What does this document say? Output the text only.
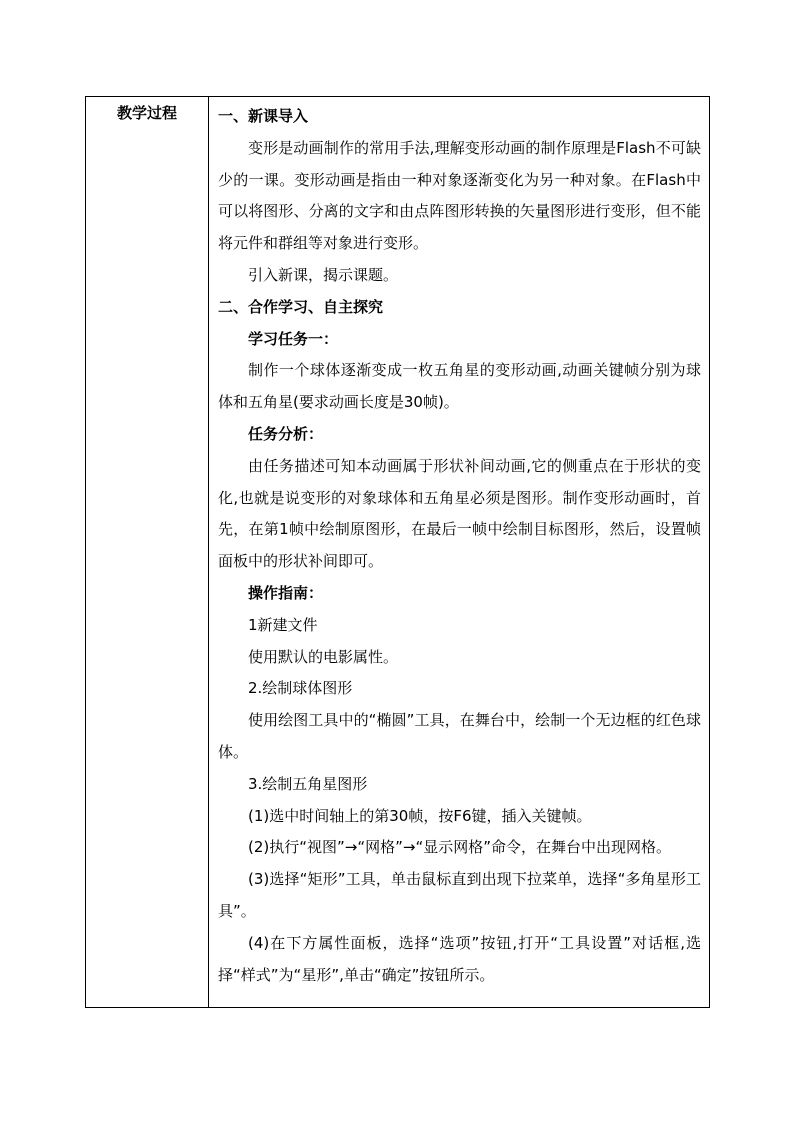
教学过程	一、新课导入

变形是动画制作的常用手法,理解变形动画的制作原理是Flash不可缺少的一课。变形动画是指由一种对象逐渐变化为另一种对象。在Flash中可以将图形、分离的文字和由点阵图形转换的矢量图形进行变形，但不能将元件和群组等对象进行变形。

引入新课，揭示课题。

二、合作学习、自主探究

学习任务一：

制作一个球体逐渐变成一枚五角星的变形动画,动画关键帧分别为球体和五角星(要求动画长度是30帧)。

任务分析：

由任务描述可知本动画属于形状补间动画,它的侧重点在于形状的变化,也就是说变形的对象球体和五角星必须是图形。制作变形动画时，首先，在第1帧中绘制原图形，在最后一帧中绘制目标图形，然后，设置帧面板中的形状补间即可。

操作指南：

1新建文件

使用默认的电影属性。

2.绘制球体图形

使用绘图工具中的“椭圆”工具，在舞台中，绘制一个无边框的红色球体。

3.绘制五角星图形

(1)选中时间轴上的第30帧，按F6键，插入关键帧。

(2)执行“视图”→“网格”→“显示网格”命令，在舞台中出现网格。

(3)选择“矩形”工具，单击鼠标直到出现下拉菜单，选择“多角星形工具”。

(4)在下方属性面板，选择“选项”按钮,打开“工具设置”对话框,选择“样式”为“星形”,单击“确定”按钮所示。
